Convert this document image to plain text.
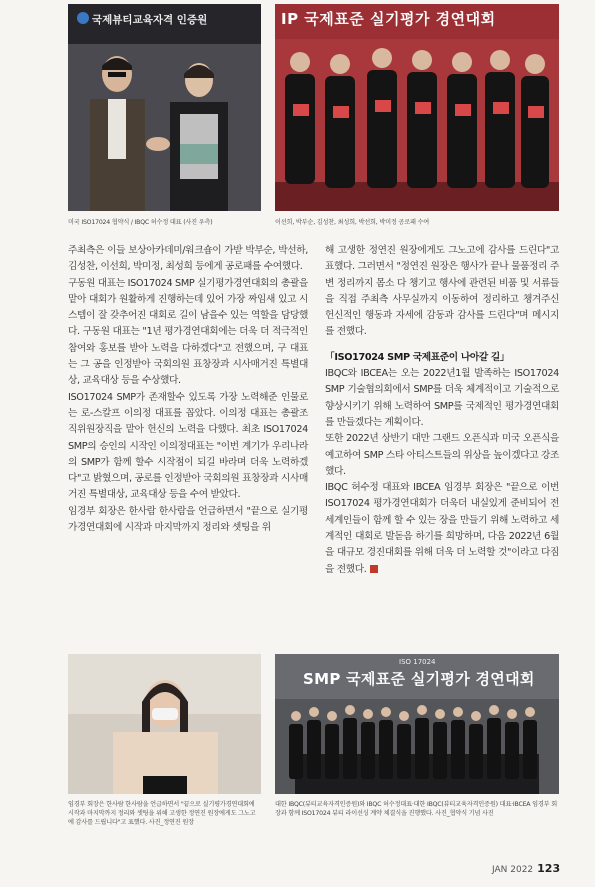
국제뷰티교육자격 인증원
미국 ISO17024 협약식 / IBQC 허수정 대표 (사진 우측)
IP 국제표준 실기평가 경연대회
이선희, 박부순, 김성찬, 최성희, 박선희, 박미정 공로패 수여

주최측은 이들 보상아카데미/워크숍이 가받 박부순, 박선하, 김성찬, 이선희, 박미정, 최성희 등에게 공로패를 수여했다.

구동원 대표는 ISO17024 SMP 실기평가경연대회의 총괄을 맡아 대회가 원활하게 진행하는데 있어 가장 짜임새 있고 시스템이 잘 갖추어진 대회로 길이 남을수 있는 역할을 담당했다. 구동원 대표는 "1년 평가경연대회에는 더욱 더 적극적인 참여와 홍보를 받아 노력을 다하겠다"고 전했으며, 구 대표는 그 공을 인정받아 국회의원 표창장과 시사매거진 특별대상, 교육대상 등을 수상했다.

ISO17024 SMP가 존재할수 있도록 가장 노력해준 인물로는 로-스칼프 이의정 대표를 꼽았다. 이의정 대표는 총괄조직위원장직을 맡아 헌신의 노력을 다했다. 최초 ISO17024 SMP의 승인의 시작인 이의정대표는 "이번 계기가 우리나라의 SMP가 함께 할수 시작점이 되길 바라며 더욱 노력하겠다"고 밝혔으며, 공로를 인정받아 국회의원 표창장과 시사매거진 특별대상, 교육대상 등을 수여 받았다.

임경부 회장은 한사람 한사람을 언급하면서 "끝으로 실기평가경연대회에 시작과 마지막까지 정리와 셋팅을 위

해 고생한 정연진 원장에게도 그노고에 감사를 드린다"고 표했다. 그러면서 "정연진 원장은 행사가 끝나 물품정리 주변 정리까지 몸소 다 챙기고 행사에 관련된 비품 및 서류들을 직접 주최측 사무실까지 이동하여 정리하고 챙겨주신 헌신적인 행동과 자세에 감동과 감사를 드린다"며 메시지를 전했다.

「ISO17024 SMP 국제표준이 나아갈 길」

IBQC와 IBCEA는 오는 2022년1월 발족하는 ISO17024 SMP 기술협의회에서 SMP를 더욱 체계적이고 기술적으로 향상시키기 위해 노력하여 SMP를 국제적인 평가경연대회를 만들겠다는 계획이다.

또한 2022년 상반기 대만 그랜드 오픈식과 미국 오픈식을 예고하여 SMP 스타 아티스트들의 위상을 높이겠다고 강조했다.

IBQC 허수정 대표와 IBCEA 임경부 회장은 "끝으로 이번 ISO17024 평가경연대회가 더욱더 내실있게 준비되어 전 세계인들이 함께 할 수 있는 장을 만들기 위해 노력하고 세계적인 대회로 발돋음 하기를 희망하며, 다음 2022년 6월을 대규모 경진대회를 위해 더욱 더 노력할 것"이라고 다짐을 전했다.

임경부 회장은 한사람 한사람을 언급하면서 "끝으로 실기평가경연대회에 시작과 마지막까지 정리와 셋팅을 위해 고생한 정연진 원장에게도 그노고에 감사를 드립니다"고 표했다. 사진_정연진 원장
ISO 17024
SMP 국제표준 실기평가 경연대회
대한 IBQC(뷰티교육자격인증원)와 IBQC 허수정대표·대한 IBQC(뷰티교육자격인증원) 대표·IBCEA 임경부 회장과 함께 ISO17024 뷰티 라이선싱 계약 체결식을 진행했다. 사진_협약식 기념 사진
JAN 2022 123
